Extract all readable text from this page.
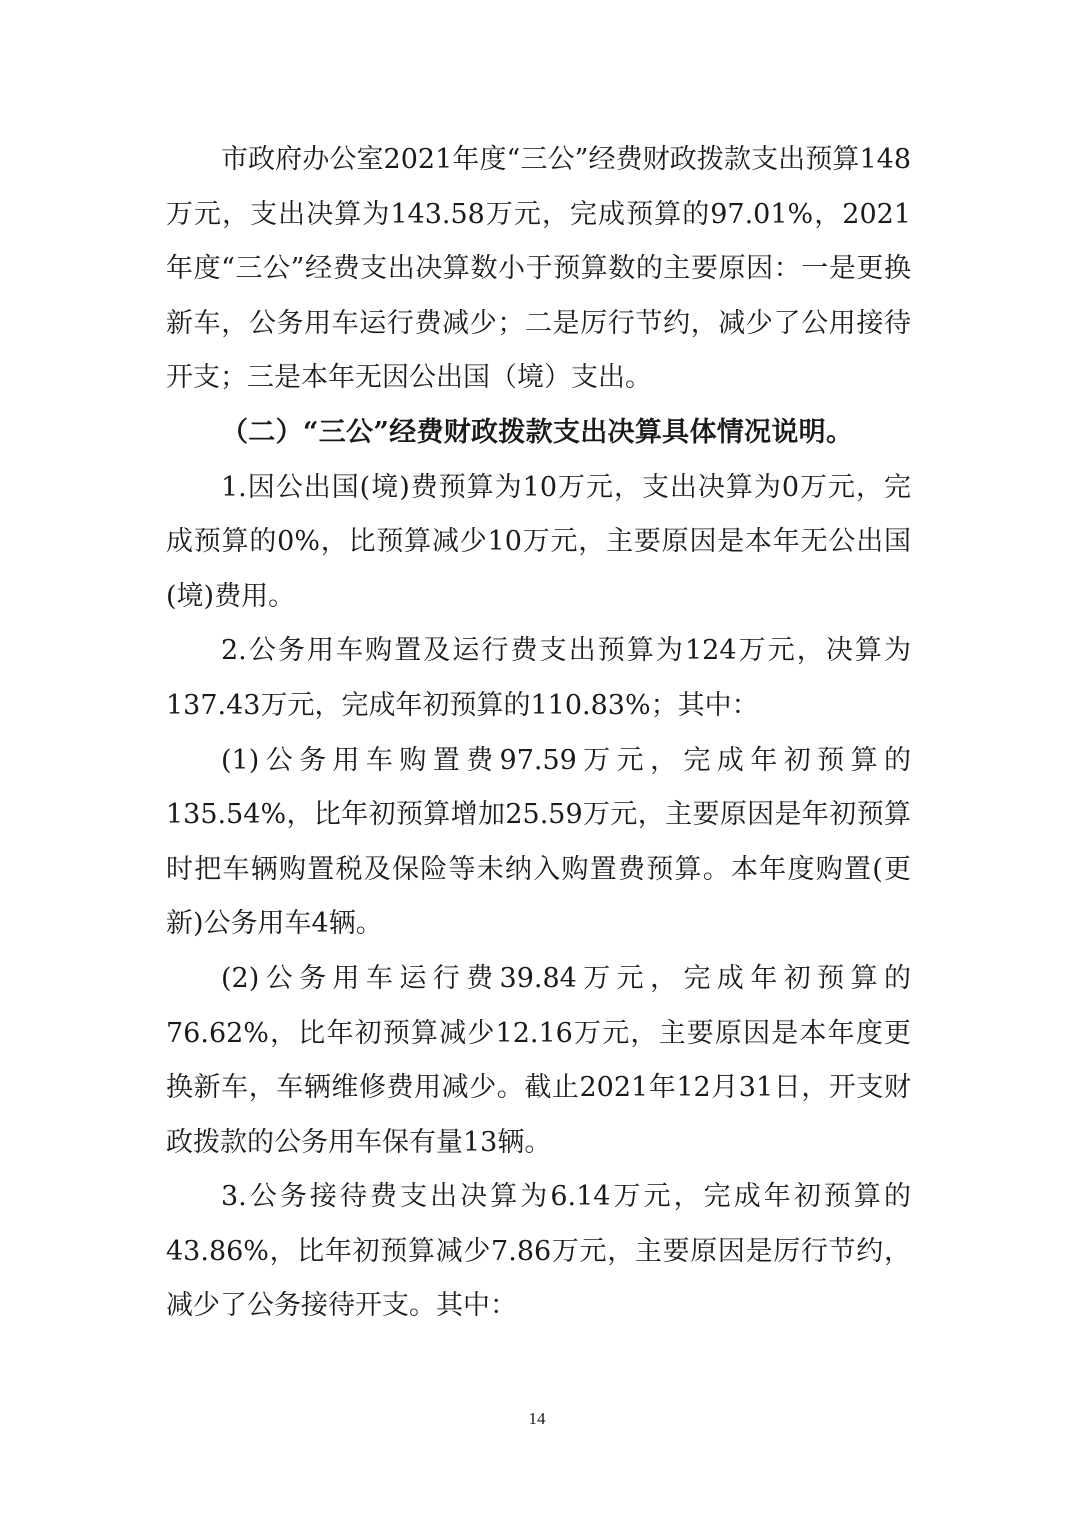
市政府办公室2021年度“三公”经费财政拨款支出预算148万元，支出决算为143.58万元，完成预算的97.01%，2021年度“三公”经费支出决算数小于预算数的主要原因：一是更换新车，公务用车运行费减少；二是厉行节约，减少了公用接待开支；三是本年无因公出国（境）支出。

（二）“三公”经费财政拨款支出决算具体情况说明。

1.因公出国(境)费预算为10万元，支出决算为0万元，完成预算的0%，比预算减少10万元，主要原因是本年无公出国(境)费用。

2.公务用车购置及运行费支出预算为124万元，决算为137.43万元，完成年初预算的110.83%；其中：

(1)公务用车购置费97.59万元，完成年初预算的135.54%，比年初预算增加25.59万元，主要原因是年初预算时把车辆购置税及保险等未纳入购置费预算。本年度购置(更新)公务用车4辆。

(2)公务用车运行费39.84万元，完成年初预算的76.62%，比年初预算减少12.16万元，主要原因是本年度更换新车，车辆维修费用减少。截止2021年12月31日，开支财政拨款的公务用车保有量13辆。

3.公务接待费支出决算为6.14万元，完成年初预算的43.86%，比年初预算减少7.86万元，主要原因是厉行节约，减少了公务接待开支。其中：

14
